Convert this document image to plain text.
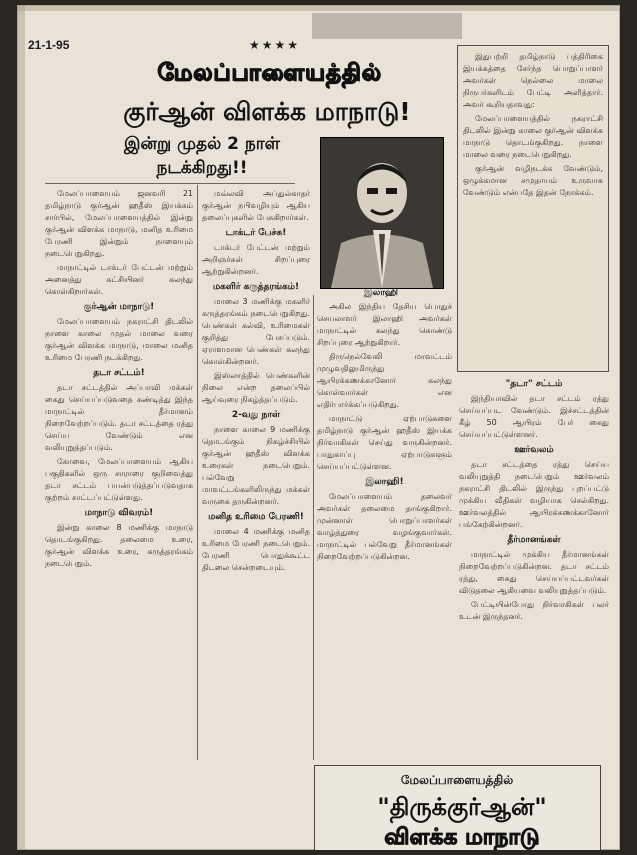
21-1-95	★★★★
மேலப்பாளையத்தில்
குர்ஆன் விளக்க மாநாடு!
இன்று முதல் 2 நாள்
நடக்கிறது!!
இலாஹி

மேலப்பாளையம் ஜனவரி 21 தமிழ்நாடு குர்ஆன் ஹதீஸ் இயக்கம் சார்பில், மேலப்பாளையத்தில் இன்று குர்ஆன் விளக்க மாநாடு, மனித உரிமை பேரணி இன்றும் நாளையும் நடைபெறுகிறது.

மாநாட்டில் டாக்டர் பேட்டன் மற்றும் அனைத்து கட்சியினர் கலந்து கொள்கிறார்கள்.

குர்ஆன் மாநாடு!

மேலப்பாளையம் நகராட்சி திடலில் நாளை காலை முதல் மாலை வரை குர்ஆன் விளக்க மாநாடு, மாலை மனித உரிமை பேரணி நடக்கிறது.

தடா சட்டம்!

தடா சட்டத்தில் அப்பாவி மக்கள் கைது செய்யப்படுவதை கண்டித்து இந்த மாநாட்டில் தீர்மானம் நிறைவேற்றப்படும். தடா சட்டத்தை ரத்து செய்ய வேண்டும் என வலியுறுத்தப்படும்.

கோவை, மேலப்பாளையம் ஆகிய பகுதிகளில் ஒரு சாராரை குறிவைத்து தடா சட்டம் பயன்படுத்தப்படுவதாக குற்றம் சாட்டப்பட்டுள்ளது.

மாநாடு விவரம்!

இன்று காலை 8 மணிக்கு மாநாடு தொடங்குகிறது. தலைமை உரை, குர்ஆன் விளக்க உரை, கருத்தரங்கம் நடைபெறும்.

மவ்லவி அப்துல்காதர் குர்ஆன் நபிவழியும் ஆகிய தலைப்புகளில் பேசுகிறார்கள்.

டாக்டர் பேச்சு!

டாக்டர் பேட்டன் மற்றும் அறிஞர்கள் சிறப்புரை ஆற்றுகின்றனர்.

மகளிர் கருத்தரங்கம்!

மாலை 3 மணிக்கு மகளிர் கருத்தரங்கம் நடைபெறுகிறது. பெண்கள் கல்வி, உரிமைகள் குறித்து பேசப்படும். ஏராளமான பெண்கள் கலந்து கொள்கின்றனர்.

இஸ்லாத்தில் பெண்களின் நிலை என்ற தலைப்பில் ஆய்வுரை நிகழ்த்தப்படும்.

2-வது நாள்

நாளை காலை 9 மணிக்கு தொடங்கும் நிகழ்ச்சியில் குர்ஆன் ஹதீஸ் விளக்க உரைகள் நடைபெறும். பல்வேறு மாவட்டங்களிலிருந்து மக்கள் வருகை தருகின்றனர்.

மனித உரிமை பேரணி!

மாலை 4 மணிக்கு மனித உரிமை பேரணி நடைபெறும். பேரணி பொதுக்கூட்ட திடலை சென்றடையும்.

அகில இந்திய தேசிய பொதுச் செயலாளர் இலாஹி அவர்கள் மாநாட்டில் கலந்து கொண்டு சிறப்புரை ஆற்றுகிறார்.

திருநெல்வேலி மாவட்டம் முழுவதிலுமிருந்து ஆயிரக்கணக்கானோர் கலந்து கொள்வார்கள் என எதிர்பார்க்கப்படுகிறது.

மாநாட்டு ஏற்பாடுகளை தமிழ்நாடு குர்ஆன் ஹதீஸ் இயக்க நிர்வாகிகள் செய்து வருகின்றனர். பாதுகாப்பு ஏற்பாடுகளும் செய்யப்பட்டுள்ளன.

இலாஹி!

மேலப்பாளையம் தலைவர் அவர்கள் தலைமை தாங்குகிறார். முன்னாள் பொறுப்பாளர்கள் வாழ்த்துரை வழங்குவார்கள். மாநாட்டில் பல்வேறு தீர்மானங்கள் நிறைவேற்றப்படுகின்றன.

இதுபற்றி தமிழ்நாடு பத்திரிகை இயக்கத்தை சேர்ந்த பொறுப்பாளர் அவர்கள் நெல்லை மாலை நிருபர்களிடம் பேட்டி அளித்தார். அவர் கூறியதாவது:

மேலப்பாளையத்தில் நகராட்சி திடலில் இன்று காலை குர்ஆன் விளக்க மாநாடு தொடங்குகிறது. நாளை மாலை வரை நடைபெறுகிறது.

குர்ஆன் வழிநடக்க வேண்டும், ஒழுக்கமான சமுதாயம் உருவாக வேண்டும் என்பதே இதன் நோக்கம்.

"தடா" சட்டம்

இந்தியாவில் தடா சட்டம் ரத்து செய்யப்பட வேண்டும். இச்சட்டத்தின் கீழ் 50 ஆயிரம் பேர் கைது செய்யப்பட்டுள்ளனர்.

ஊர்வலம்

தடா சட்டத்தை ரத்து செய்ய வலியுறுத்தி நடைபெறும் ஊர்வலம் நகராட்சி திடலில் இருந்து புறப்பட்டு முக்கிய வீதிகள் வழியாக செல்கிறது. ஊர்வலத்தில் ஆயிரக்கணக்கானோர் பங்கேற்கின்றனர்.

தீர்மானங்கள்

மாநாட்டில் முக்கிய தீர்மானங்கள் நிறைவேற்றப்படுகின்றன. தடா சட்டம் ரத்து, கைது செய்யப்பட்டவர்கள் விடுதலை ஆகியவை வலியுறுத்தப்படும்.

பேட்டியின்போது நிர்வாகிகள் பலர் உடன் இருந்தனர்.

மேலப்பாளையத்தில்
"திருக்குர்ஆன்"
விளக்க மாநாடு
